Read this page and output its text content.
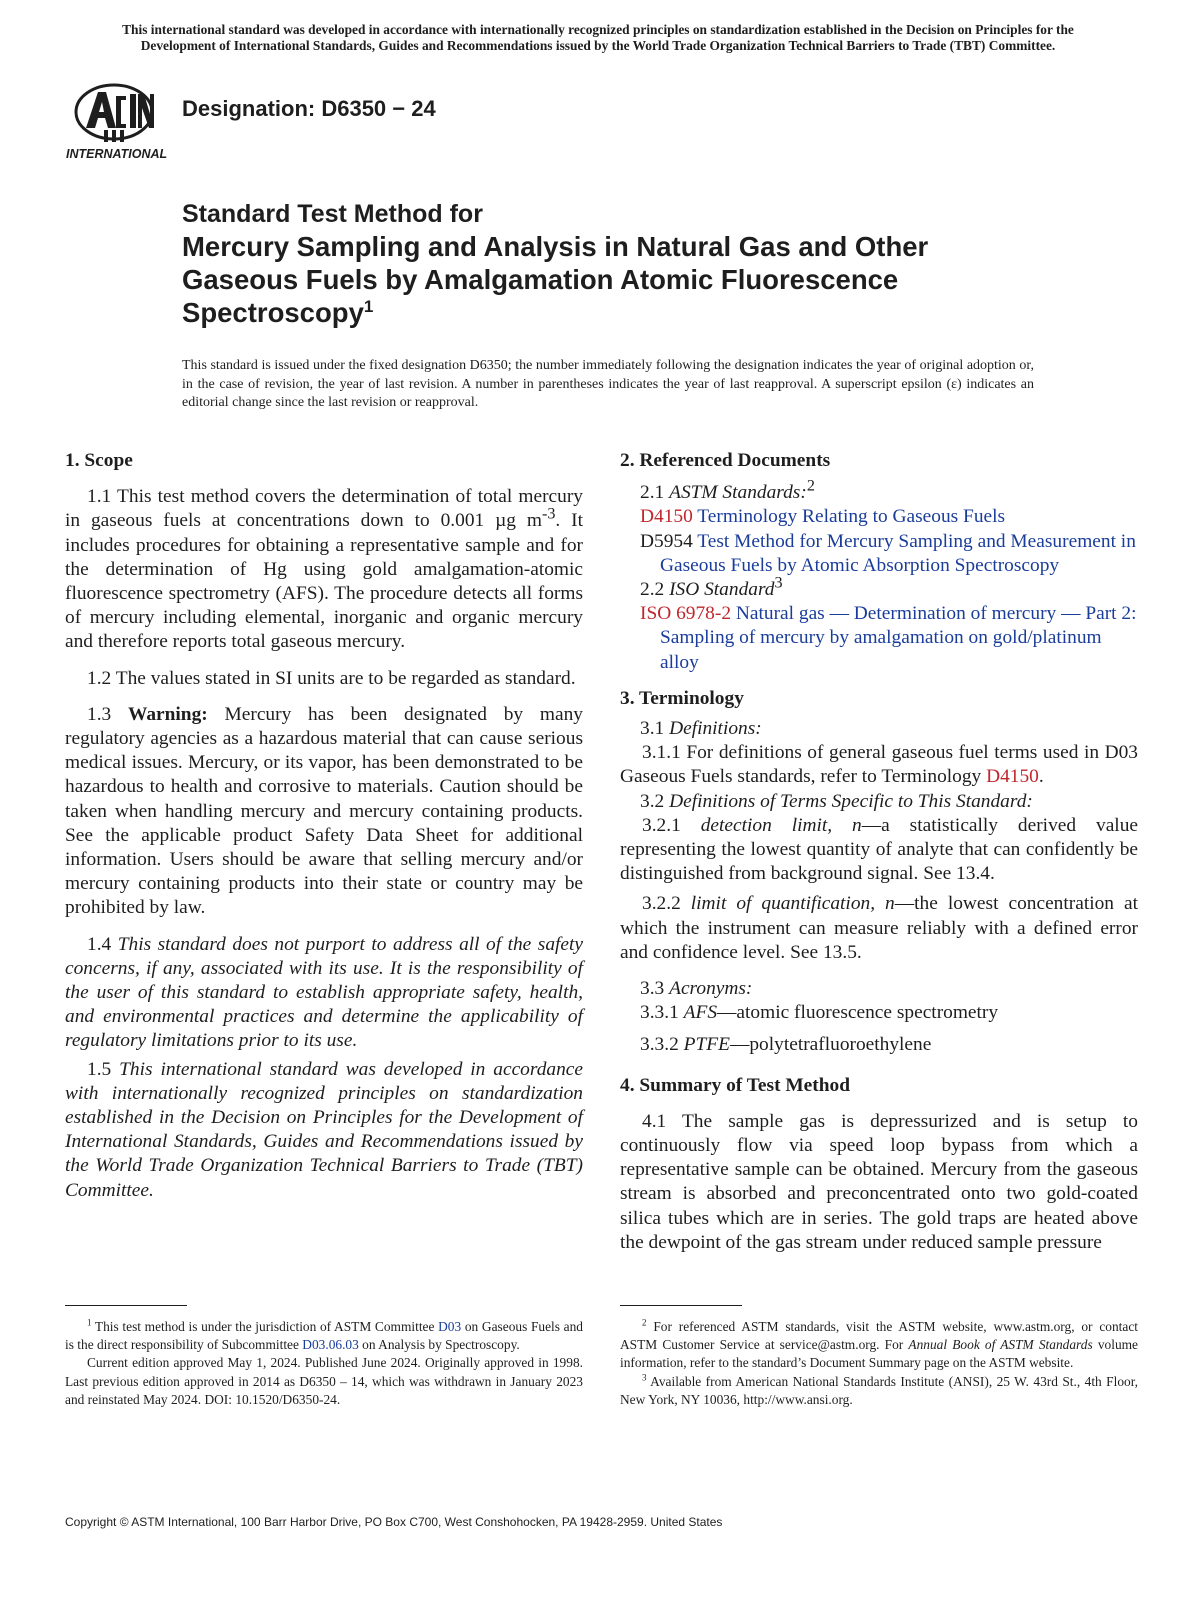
This international standard was developed in accordance with internationally recognized principles on standardization established in the Decision on Principles for the
Development of International Standards, Guides and Recommendations issued by the World Trade Organization Technical Barriers to Trade (TBT) Committee.
INTERNATIONAL
Designation: D6350 − 24
Standard Test Method for
Mercury Sampling and Analysis in Natural Gas and Other
Gaseous Fuels by Amalgamation Atomic Fluorescence
Spectroscopy$^1$

This standard is issued under the fixed designation D6350; the number immediately following the designation indicates the year of original adoption or, in the case of revision, the year of last revision. A number in parentheses indicates the year of last reapproval. A superscript epsilon (ε) indicates an editorial change since the last revision or reapproval.

1. Scope

1.1 This test method covers the determination of total mercury in gaseous fuels at concentrations down to 0.001 µg $m^{-3}$. It includes procedures for obtaining a representative sample and for the determination of Hg using gold amalgamation-atomic fluorescence spectrometry (AFS). The procedure detects all forms of mercury including elemental, inorganic and organic mercury and therefore reports total gaseous mercury.

1.2 The values stated in SI units are to be regarded as standard.

1.3 Warning: Mercury has been designated by many regulatory agencies as a hazardous material that can cause serious medical issues. Mercury, or its vapor, has been demonstrated to be hazardous to health and corrosive to materials. Caution should be taken when handling mercury and mercury containing products. See the applicable product Safety Data Sheet for additional information. Users should be aware that selling mercury and/or mercury containing products into their state or country may be prohibited by law.

1.4 This standard does not purport to address all of the safety concerns, if any, associated with its use. It is the responsibility of the user of this standard to establish appropriate safety, health, and environmental practices and determine the applicability of regulatory limitations prior to its use.

1.5 This international standard was developed in accordance with internationally recognized principles on standardization established in the Decision on Principles for the Development of International Standards, Guides and Recommendations issued by the World Trade Organization Technical Barriers to Trade (TBT) Committee.

2. Referenced Documents

2.1 ASTM Standards:$^2$

D4150 Terminology Relating to Gaseous Fuels

D5954 Test Method for Mercury Sampling and Measurement in Gaseous Fuels by Atomic Absorption Spectroscopy

2.2 ISO Standard$^3$

ISO 6978-2 Natural gas — Determination of mercury — Part 2: Sampling of mercury by amalgamation on gold/platinum alloy

3. Terminology

3.1 Definitions:

3.1.1 For definitions of general gaseous fuel terms used in D03 Gaseous Fuels standards, refer to Terminology D4150.

3.2 Definitions of Terms Specific to This Standard:

3.2.1 detection limit, n—a statistically derived value representing the lowest quantity of analyte that can confidently be distinguished from background signal. See 13.4.

3.2.2 limit of quantification, n—the lowest concentration at which the instrument can measure reliably with a defined error and confidence level. See 13.5.

3.3 Acronyms:

3.3.1 AFS—atomic fluorescence spectrometry

3.3.2 PTFE—polytetrafluoroethylene

4. Summary of Test Method

4.1 The sample gas is depressurized and is setup to continuously flow via speed loop bypass from which a representative sample can be obtained. Mercury from the gaseous stream is absorbed and preconcentrated onto two gold-coated silica tubes which are in series. The gold traps are heated above the dewpoint of the gas stream under reduced sample pressure

$^1$ This test method is under the jurisdiction of ASTM Committee D03 on Gaseous Fuels and is the direct responsibility of Subcommittee D03.06.03 on Analysis by Spectroscopy.

Current edition approved May 1, 2024. Published June 2024. Originally approved in 1998. Last previous edition approved in 2014 as D6350 – 14, which was withdrawn in January 2023 and reinstated May 2024. DOI: 10.1520/D6350-24.

$^2$ For referenced ASTM standards, visit the ASTM website, www.astm.org, or contact ASTM Customer Service at service@astm.org. For Annual Book of ASTM Standards volume information, refer to the standard’s Document Summary page on the ASTM website.

$^3$ Available from American National Standards Institute (ANSI), 25 W. 43rd St., 4th Floor, New York, NY 10036, http://www.ansi.org.

Copyright © ASTM International, 100 Barr Harbor Drive, PO Box C700, West Conshohocken, PA 19428-2959. United States
